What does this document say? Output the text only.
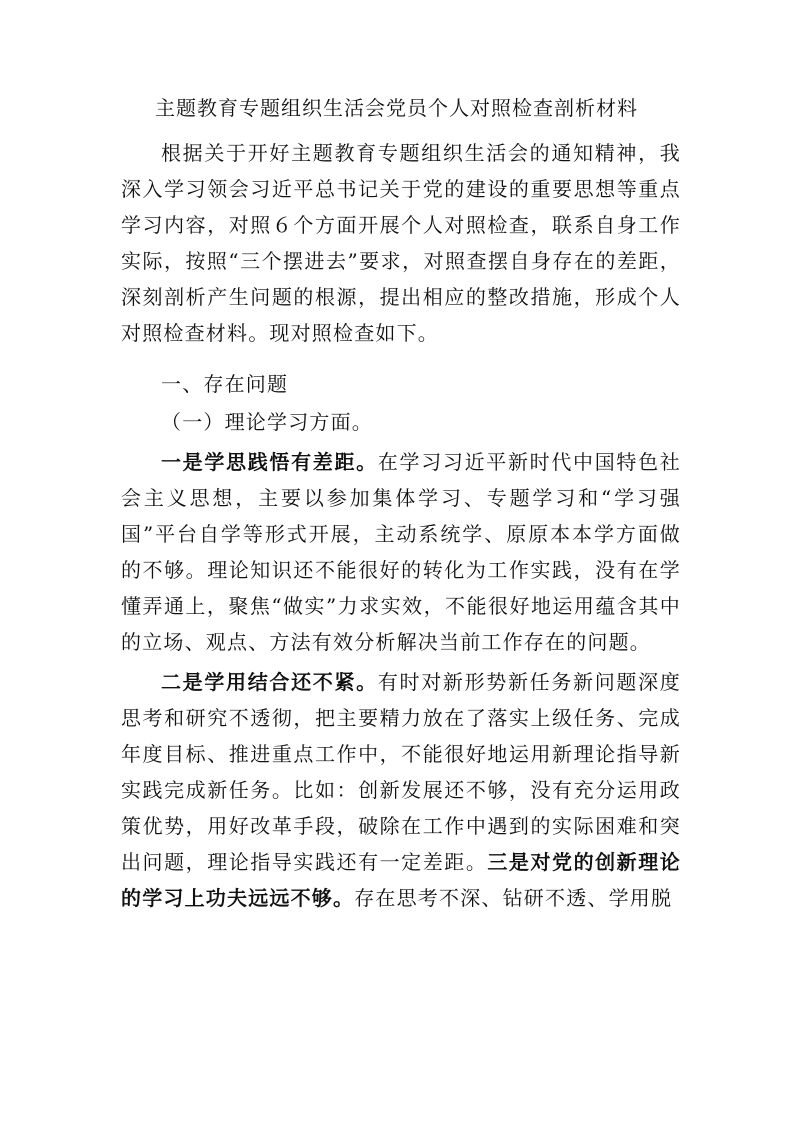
主题教育专题组织生活会党员个人对照检查剖析材料

根据关于开好主题教育专题组织生活会的通知精神，我深入学习领会习近平总书记关于党的建设的重要思想等重点学习内容，对照６个方面开展个人对照检查，联系自身工作实际，按照“三个摆进去”要求，对照查摆自身存在的差距，深刻剖析产生问题的根源，提出相应的整改措施，形成个人对照检查材料。现对照检查如下。

一、存在问题

（一）理论学习方面。

一是学思践悟有差距。在学习习近平新时代中国特色社会主义思想，主要以参加集体学习、专题学习和“学习强国”平台自学等形式开展，主动系统学、原原本本学方面做的不够。理论知识还不能很好的转化为工作实践，没有在学懂弄通上，聚焦“做实”力求实效，不能很好地运用蕴含其中的立场、观点、方法有效分析解决当前工作存在的问题。

二是学用结合还不紧。有时对新形势新任务新问题深度思考和研究不透彻，把主要精力放在了落实上级任务、完成年度目标、推进重点工作中，不能很好地运用新理论指导新实践完成新任务。比如：创新发展还不够，没有充分运用政策优势，用好改革手段，破除在工作中遇到的实际困难和突出问题，理论指导实践还有一定差距。三是对党的创新理论的学习上功夫远远不够。存在思考不深、钻研不透、学用脱
